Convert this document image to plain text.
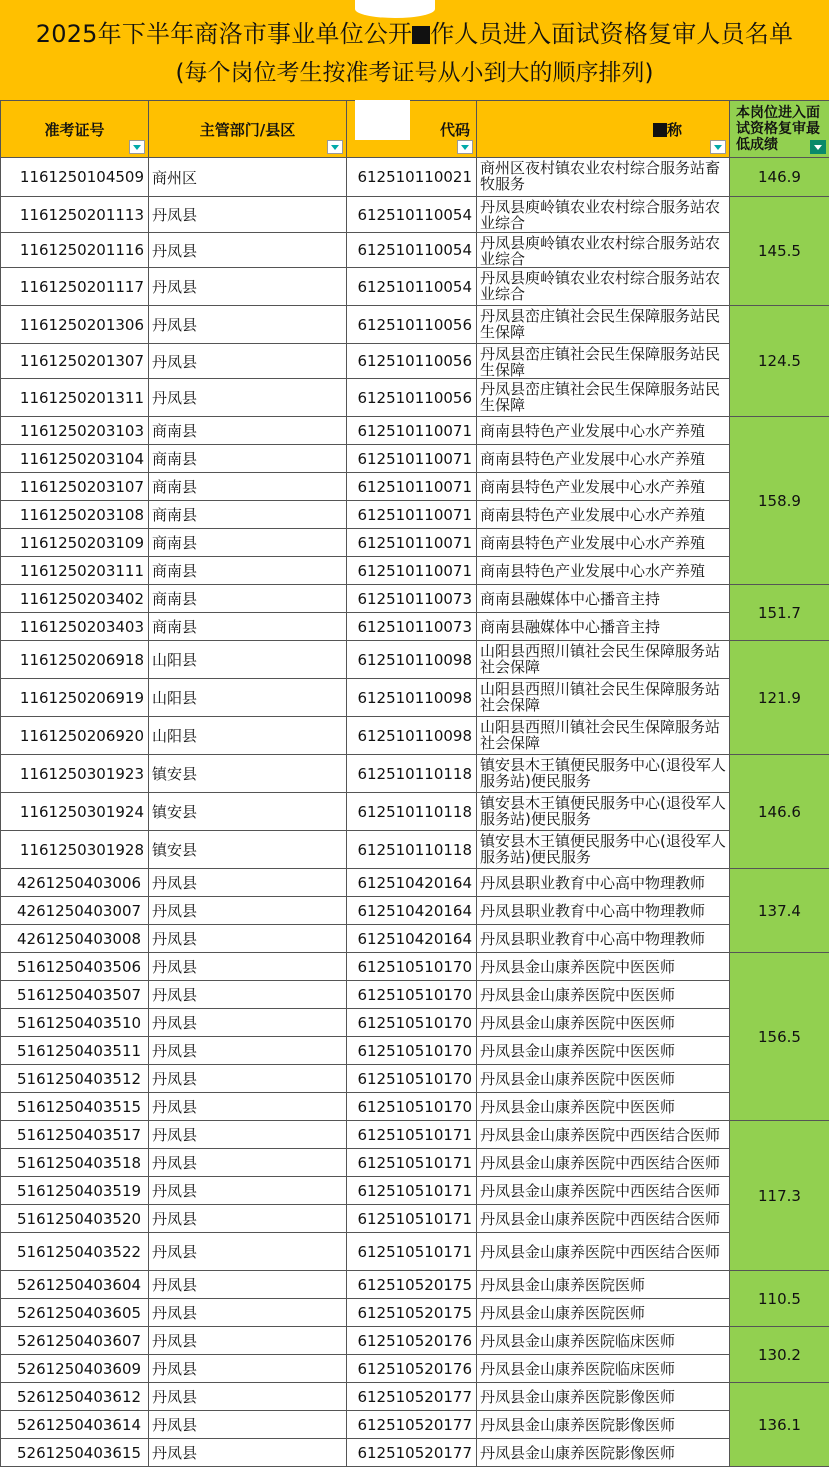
2025年下半年商洛市事业单位公开 作人员进入面试资格复审人员名单
(每个岗位考生按准考证号从小到大的顺序排列)
准考证号	主管部门/县区	代码	称	本岗位进入面试资格复审最低成绩

1161250104509	商州区	612510110021	商州区夜村镇农业农村综合服务站畜牧服务	146.9
1161250201113	丹凤县	612510110054	丹凤县庾岭镇农业农村综合服务站农业综合	145.5
1161250201116	丹凤县	612510110054	丹凤县庾岭镇农业农村综合服务站农业综合	
1161250201117	丹凤县	612510110054	丹凤县庾岭镇农业农村综合服务站农业综合	
1161250201306	丹凤县	612510110056	丹凤县峦庄镇社会民生保障服务站民生保障	124.5
1161250201307	丹凤县	612510110056	丹凤县峦庄镇社会民生保障服务站民生保障	
1161250201311	丹凤县	612510110056	丹凤县峦庄镇社会民生保障服务站民生保障	
1161250203103	商南县	612510110071	商南县特色产业发展中心水产养殖	158.9
1161250203104	商南县	612510110071	商南县特色产业发展中心水产养殖	
1161250203107	商南县	612510110071	商南县特色产业发展中心水产养殖	
1161250203108	商南县	612510110071	商南县特色产业发展中心水产养殖	
1161250203109	商南县	612510110071	商南县特色产业发展中心水产养殖	
1161250203111	商南县	612510110071	商南县特色产业发展中心水产养殖	
1161250203402	商南县	612510110073	商南县融媒体中心播音主持	151.7
1161250203403	商南县	612510110073	商南县融媒体中心播音主持	
1161250206918	山阳县	612510110098	山阳县西照川镇社会民生保障服务站社会保障	121.9
1161250206919	山阳县	612510110098	山阳县西照川镇社会民生保障服务站社会保障	
1161250206920	山阳县	612510110098	山阳县西照川镇社会民生保障服务站社会保障	
1161250301923	镇安县	612510110118	镇安县木王镇便民服务中心(退役军人服务站)便民服务	146.6
1161250301924	镇安县	612510110118	镇安县木王镇便民服务中心(退役军人服务站)便民服务	
1161250301928	镇安县	612510110118	镇安县木王镇便民服务中心(退役军人服务站)便民服务	
4261250403006	丹凤县	612510420164	丹凤县职业教育中心高中物理教师	137.4
4261250403007	丹凤县	612510420164	丹凤县职业教育中心高中物理教师	
4261250403008	丹凤县	612510420164	丹凤县职业教育中心高中物理教师	
5161250403506	丹凤县	612510510170	丹凤县金山康养医院中医医师	156.5
5161250403507	丹凤县	612510510170	丹凤县金山康养医院中医医师	
5161250403510	丹凤县	612510510170	丹凤县金山康养医院中医医师	
5161250403511	丹凤县	612510510170	丹凤县金山康养医院中医医师	
5161250403512	丹凤县	612510510170	丹凤县金山康养医院中医医师	
5161250403515	丹凤县	612510510170	丹凤县金山康养医院中医医师	
5161250403517	丹凤县	612510510171	丹凤县金山康养医院中西医结合医师	117.3
5161250403518	丹凤县	612510510171	丹凤县金山康养医院中西医结合医师	
5161250403519	丹凤县	612510510171	丹凤县金山康养医院中西医结合医师	
5161250403520	丹凤县	612510510171	丹凤县金山康养医院中西医结合医师	
5161250403522	丹凤县	612510510171	丹凤县金山康养医院中西医结合医师	
5261250403604	丹凤县	612510520175	丹凤县金山康养医院医师	110.5
5261250403605	丹凤县	612510520175	丹凤县金山康养医院医师	
5261250403607	丹凤县	612510520176	丹凤县金山康养医院临床医师	130.2
5261250403609	丹凤县	612510520176	丹凤县金山康养医院临床医师	
5261250403612	丹凤县	612510520177	丹凤县金山康养医院影像医师	136.1
5261250403614	丹凤县	612510520177	丹凤县金山康养医院影像医师	
5261250403615	丹凤县	612510520177	丹凤县金山康养医院影像医师	
